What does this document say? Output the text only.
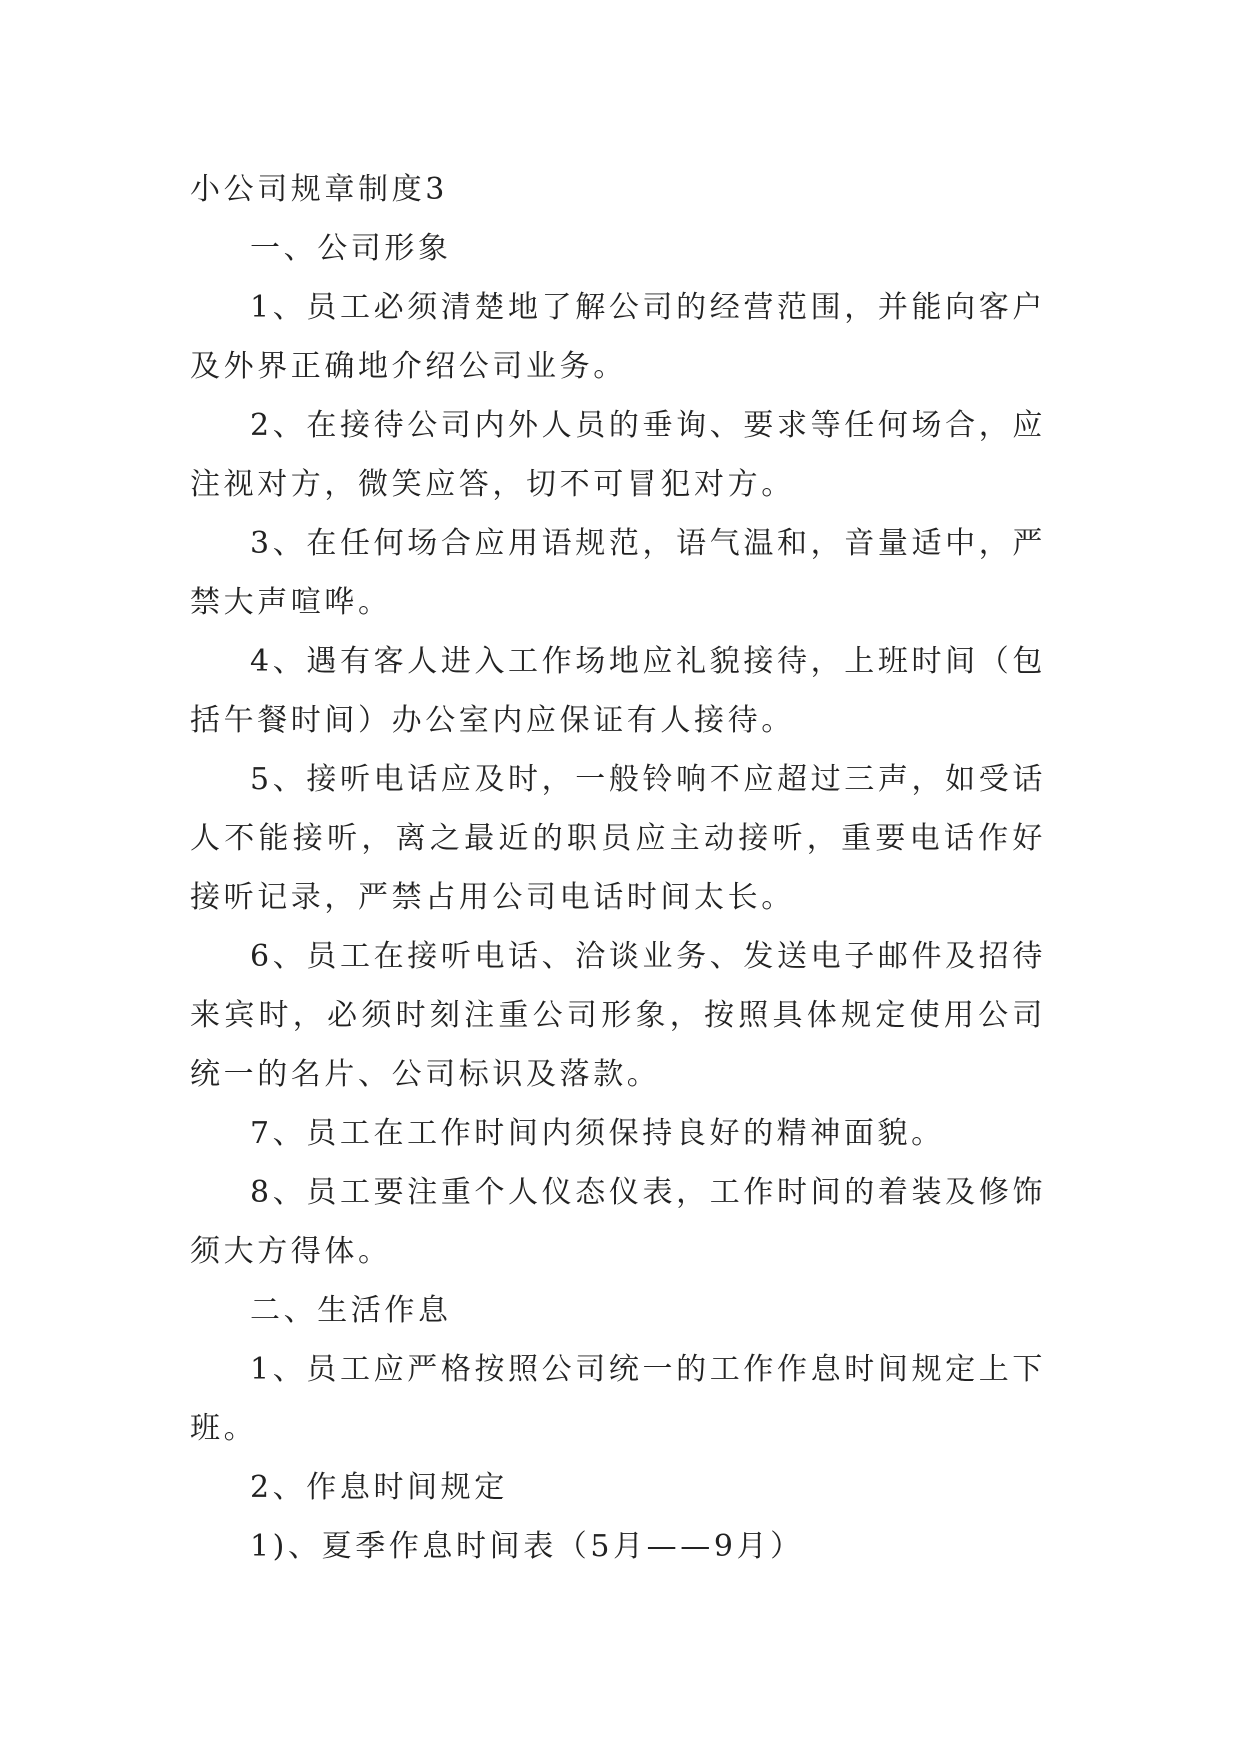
小公司规章制度3
一、公司形象

1、员工必须清楚地了解公司的经营范围，并能向客户及外界正确地介绍公司业务。

2、在接待公司内外人员的垂询、要求等任何场合，应注视对方，微笑应答，切不可冒犯对方。

3、在任何场合应用语规范，语气温和，音量适中，严禁大声喧哗。

4、遇有客人进入工作场地应礼貌接待，上班时间（包括午餐时间）办公室内应保证有人接待。

5、接听电话应及时，一般铃响不应超过三声，如受话人不能接听，离之最近的职员应主动接听，重要电话作好接听记录，严禁占用公司电话时间太长。

6、员工在接听电话、洽谈业务、发送电子邮件及招待来宾时，必须时刻注重公司形象，按照具体规定使用公司统一的名片、公司标识及落款。

7、员工在工作时间内须保持良好的精神面貌。

8、员工要注重个人仪态仪表，工作时间的着装及修饰须大方得体。

二、生活作息

1、员工应严格按照公司统一的工作作息时间规定上下班。

2、作息时间规定

1)、夏季作息时间表（5月——9月）
